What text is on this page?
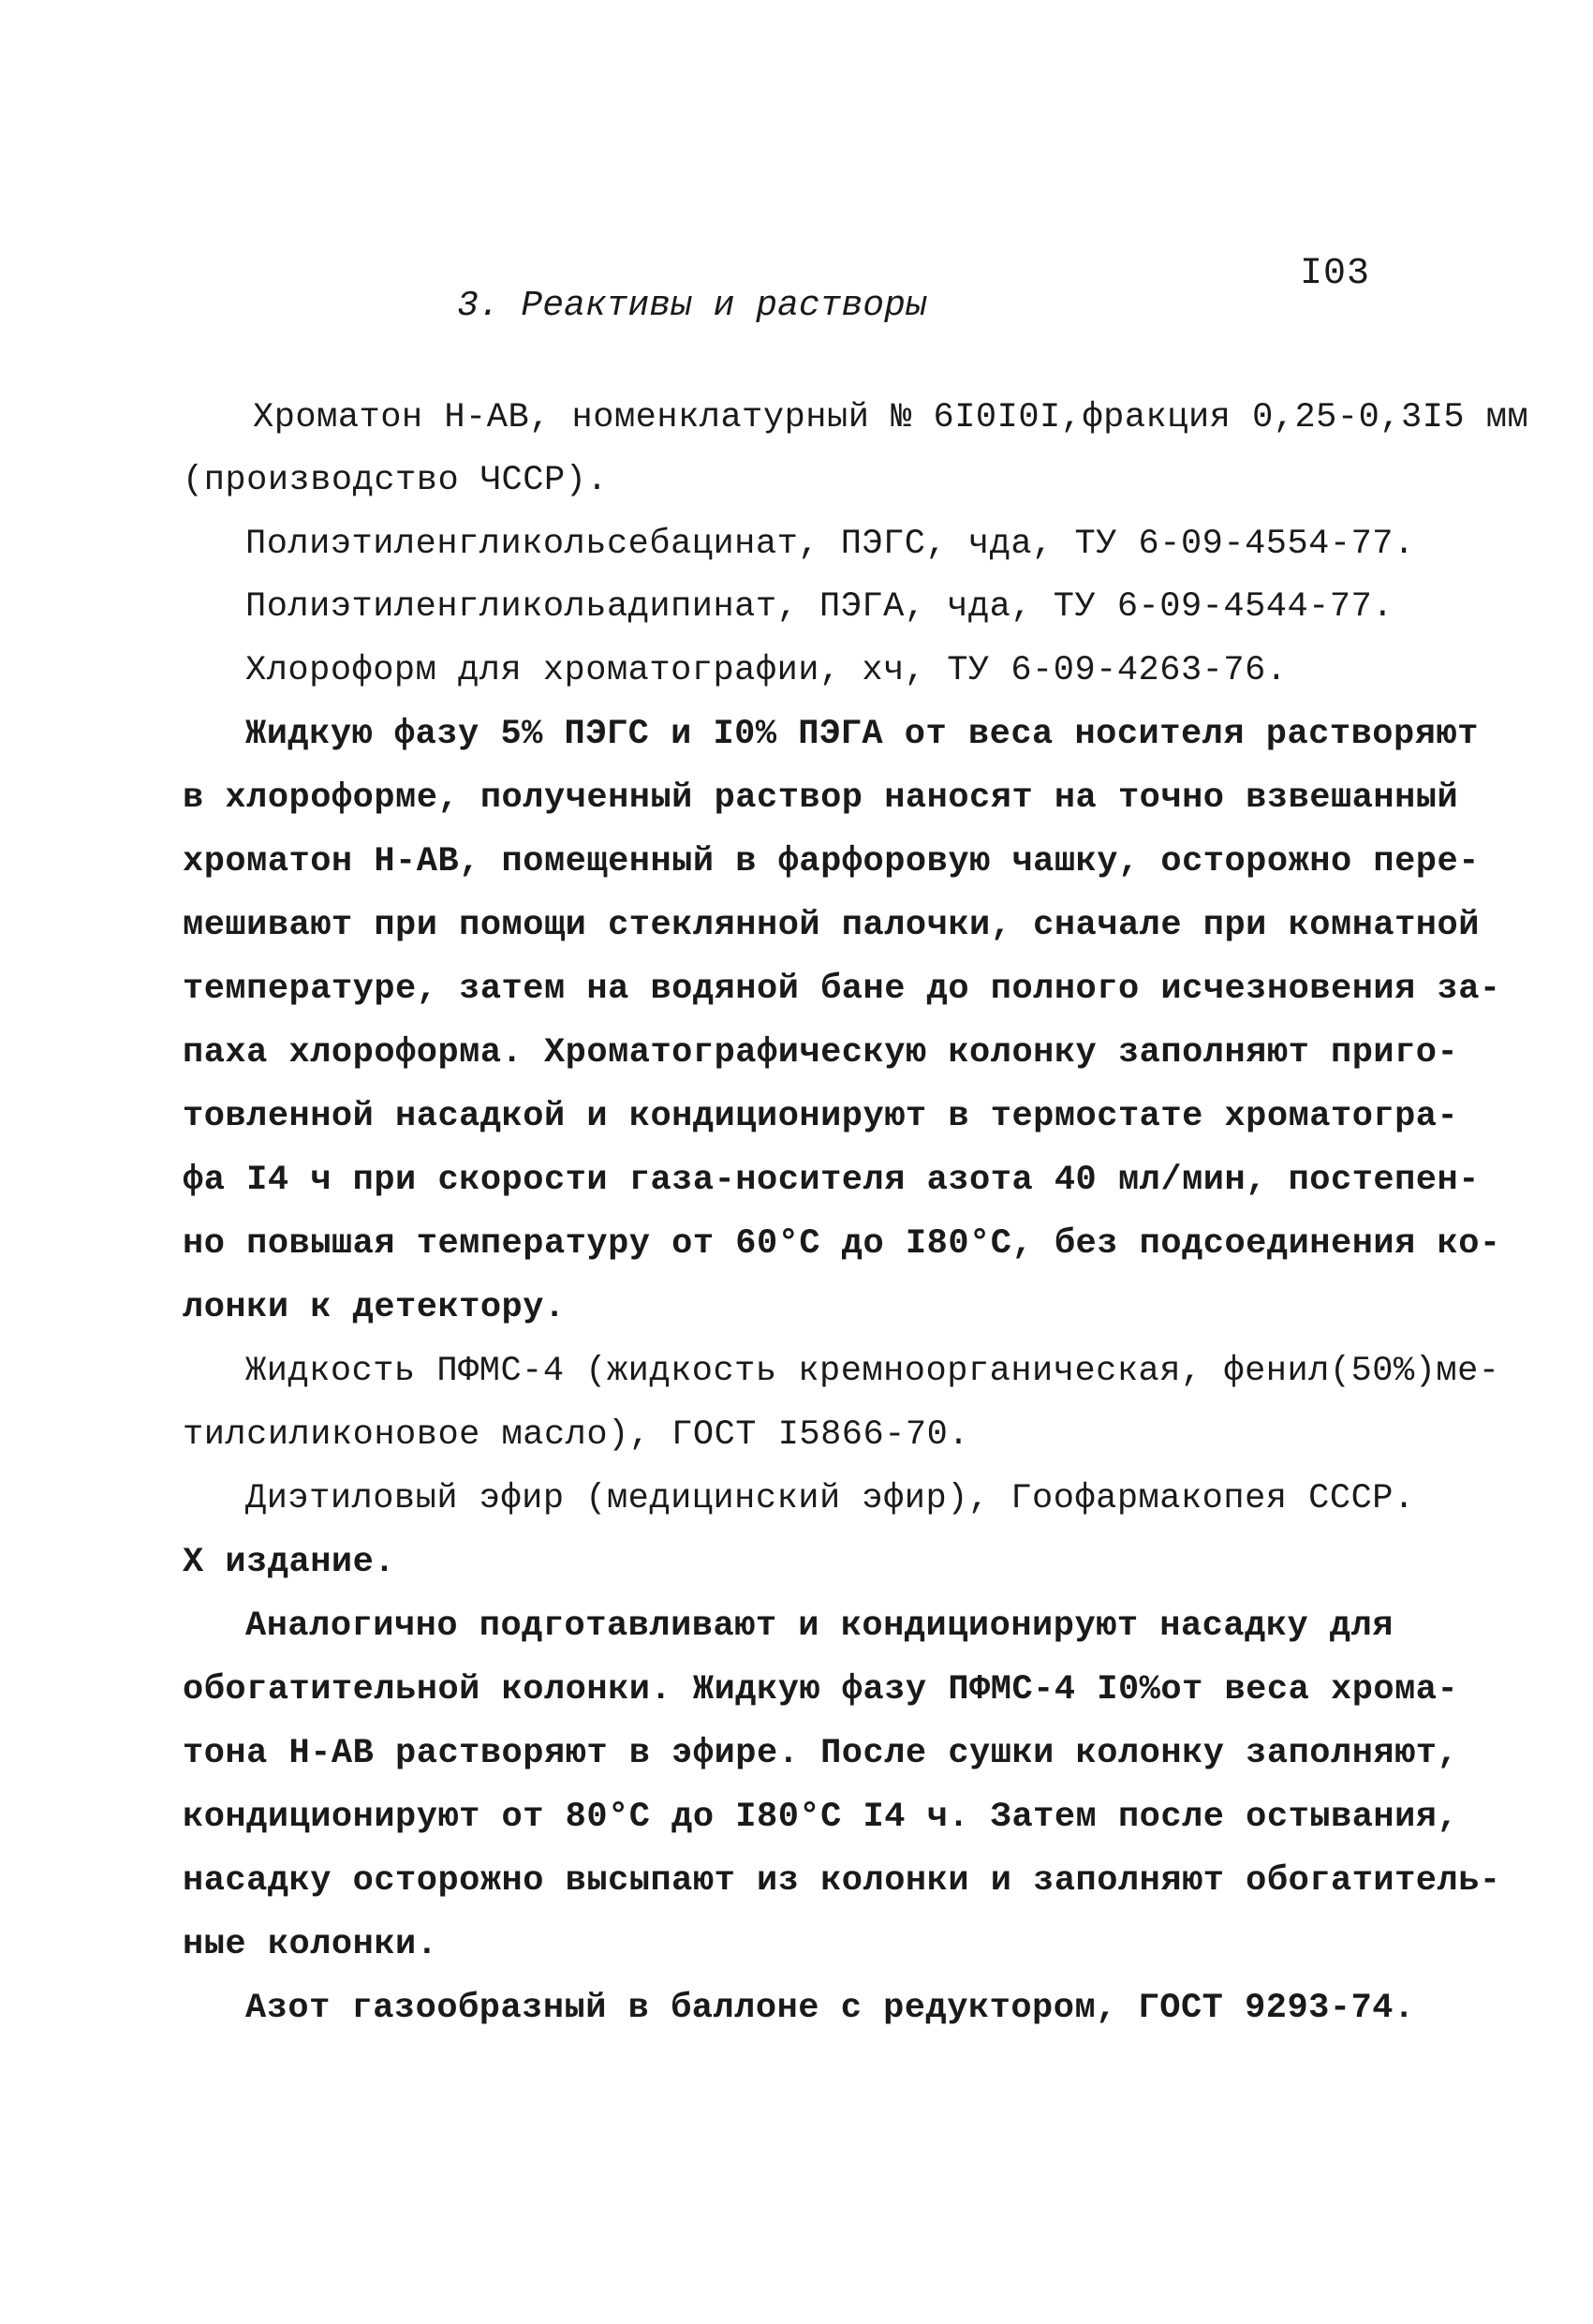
I03
3. Реактивы и растворы
Хроматон Н-АВ, номенклатурный № 6I0I0I,фракция 0,25-0,3I5 мм
(производство ЧССР).
Полиэтиленгликольсебацинат, ПЭГС, чда, ТУ 6-09-4554-77.
Полиэтиленгликольадипинат, ПЭГА, чда, ТУ 6-09-4544-77.
Хлороформ для хроматографии, хч, ТУ 6-09-4263-76.
Жидкую фазу 5% ПЭГС и I0% ПЭГА от веса носителя растворяют
в хлороформе, полученный раствор наносят на точно взвешанный
хроматон Н-АВ, помещенный в фарфоровую чашку, осторожно пере-
мешивают при помощи стеклянной палочки, сначале при комнатной
температуре, затем на водяной бане до полного исчезновения за-
паха хлороформа. Хроматографическую колонку заполняют приго-
товленной насадкой и кондиционируют в термостате хроматогра-
фа I4 ч при скорости газа-носителя азота 40 мл/мин, постепен-
но повышая температуру от 60°С до I80°С, без подсоединения ко-
лонки к детектору.
Жидкость ПФМС-4 (жидкость кремноорганическая, фенил(50%)ме-
тилсиликоновое масло), ГОСТ I5866-70.
Диэтиловый эфир (медицинский эфир), Гоофармакопея СССР.
Х издание.
Аналогично подготавливают и кондиционируют насадку для
обогатительной колонки. Жидкую фазу ПФМС-4 I0%от веса хрома-
тона Н-АВ растворяют в эфире. После сушки колонку заполняют,
кондиционируют от 80°С до I80°С I4 ч. Затем после остывания,
насадку осторожно высыпают из колонки и заполняют обогатитель-
ные колонки.
Азот газообразный в баллоне с редуктором, ГОСТ 9293-74.
